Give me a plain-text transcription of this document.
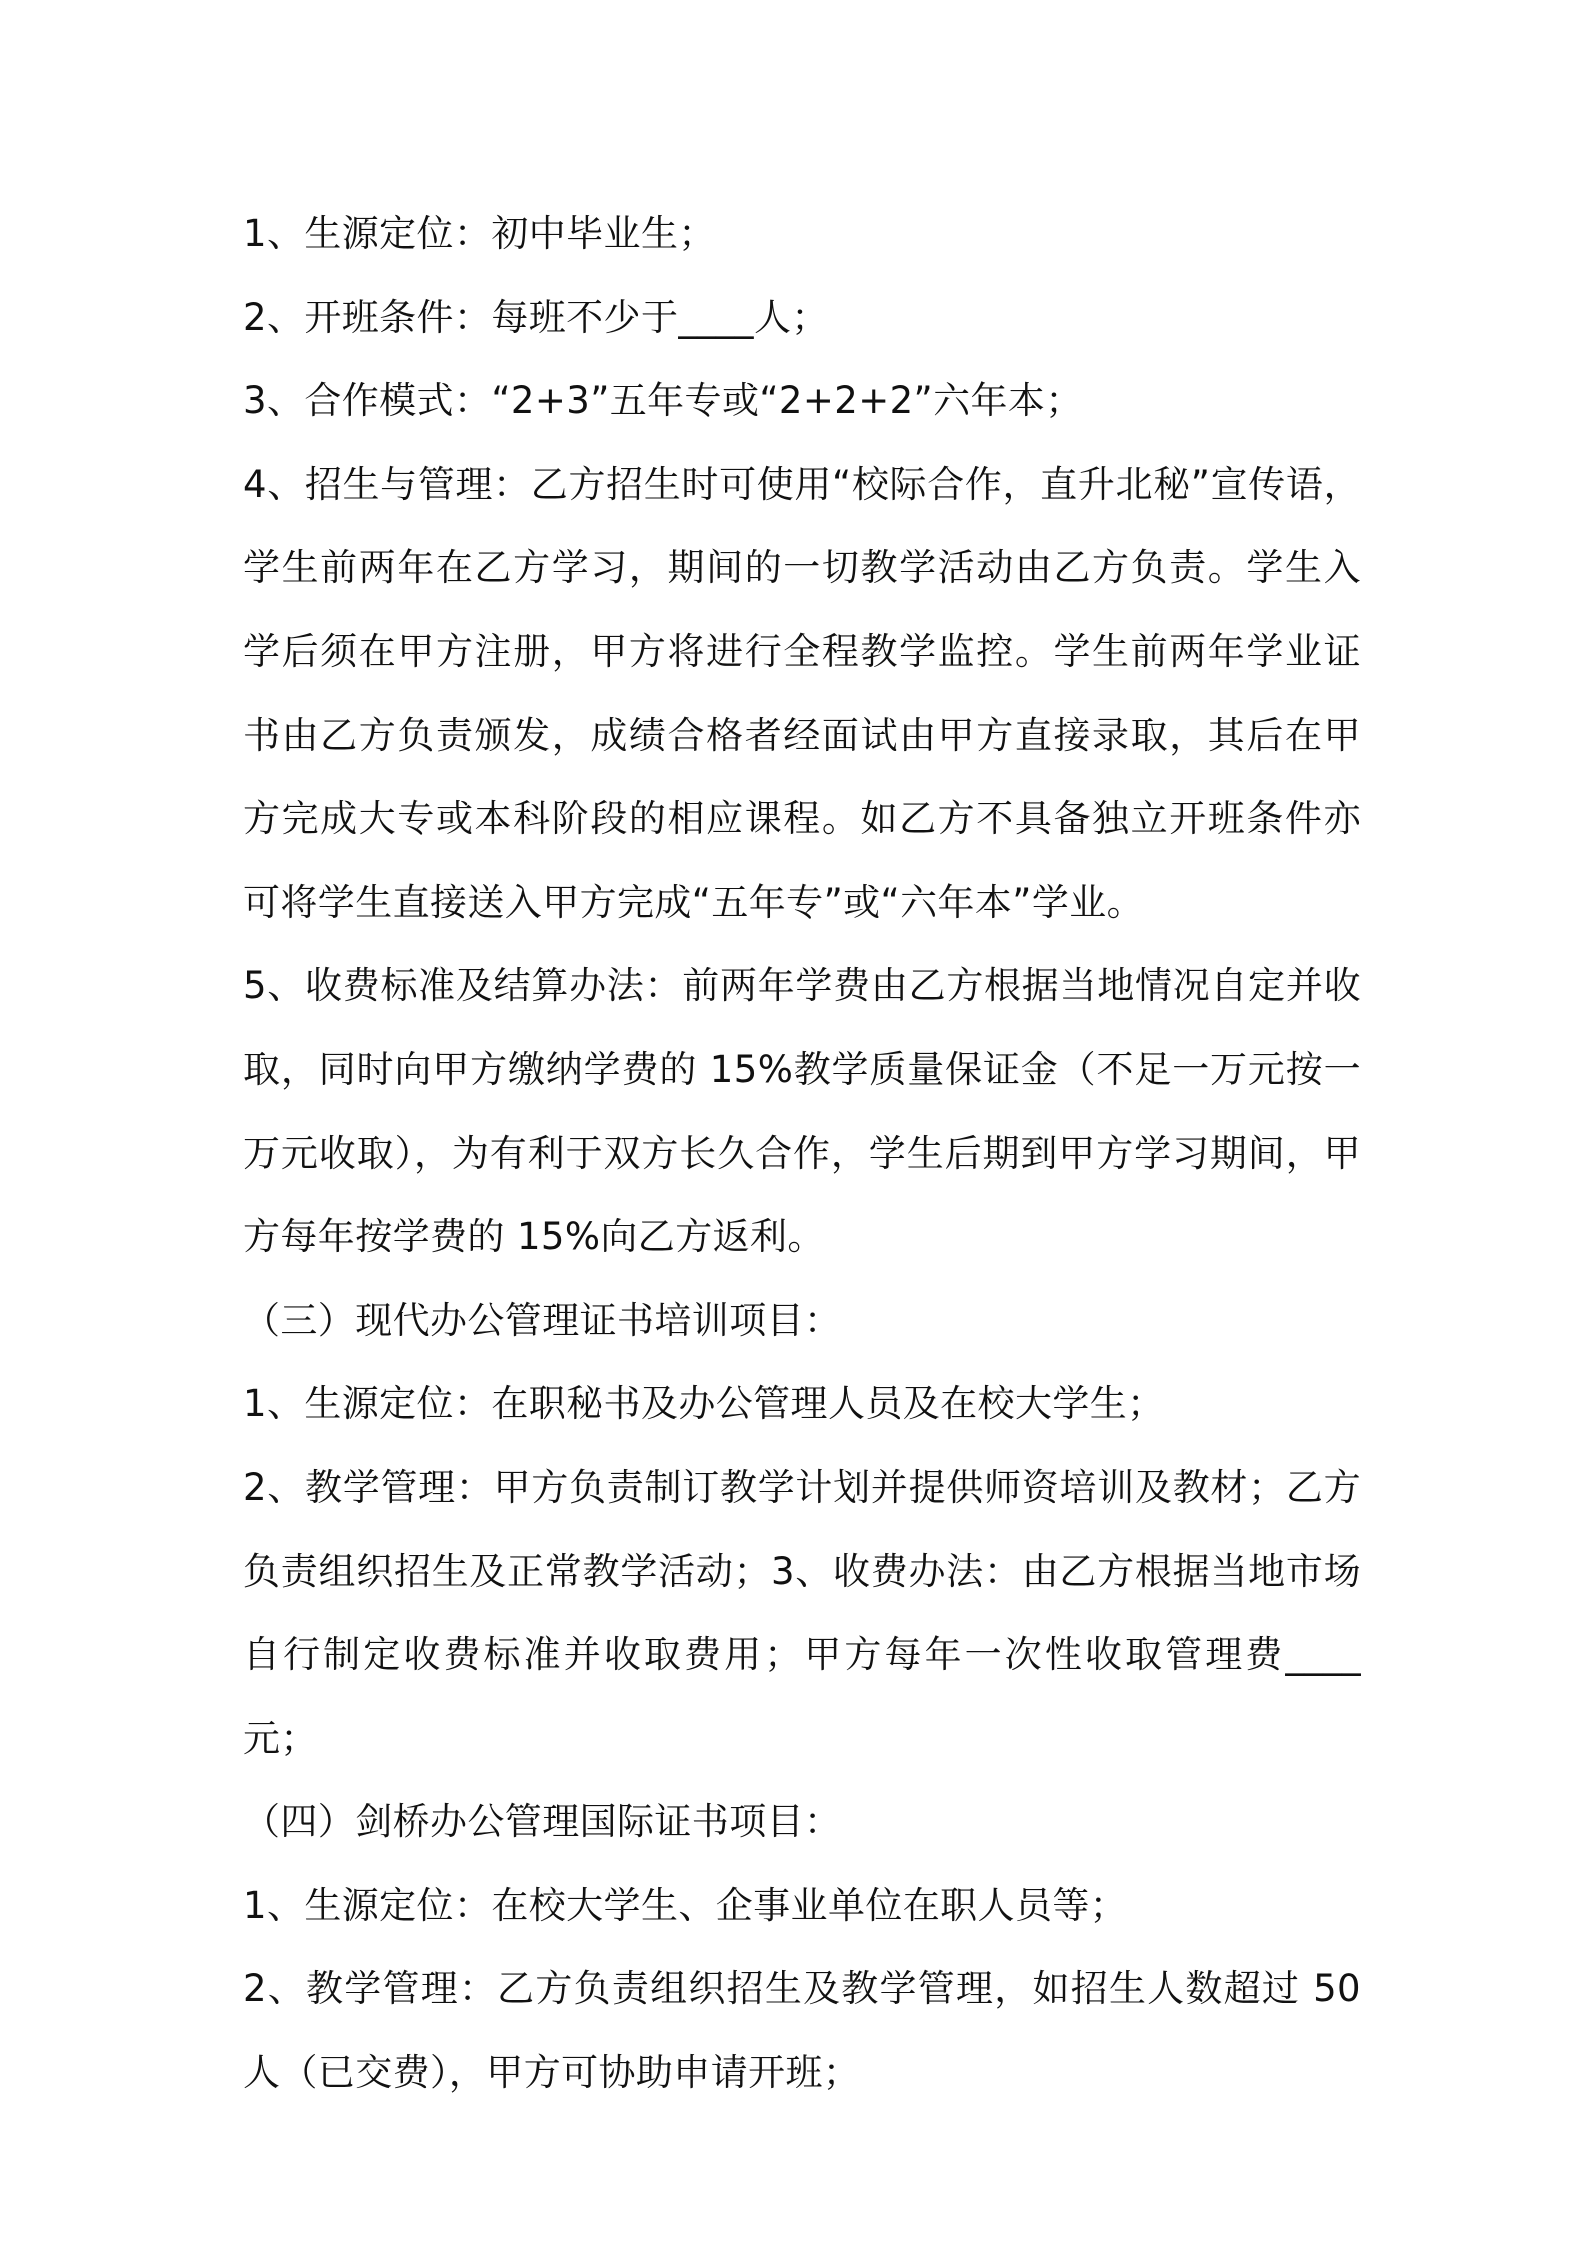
1、生源定位：初中毕业生；

2、开班条件：每班不少于____人；

3、合作模式：“2+3”五年专或“2+2+2”六年本；

4、招生与管理：乙方招生时可使用“校际合作，直升北秘”宣传语，学生前两年在乙方学习，期间的一切教学活动由乙方负责。学生入学后须在甲方注册，甲方将进行全程教学监控。学生前两年学业证书由乙方负责颁发，成绩合格者经面试由甲方直接录取，其后在甲方完成大专或本科阶段的相应课程。如乙方不具备独立开班条件亦可将学生直接送入甲方完成“五年专”或“六年本”学业。

5、收费标准及结算办法：前两年学费由乙方根据当地情况自定并收取，同时向甲方缴纳学费的 15%教学质量保证金（不足一万元按一万元收取），为有利于双方长久合作，学生后期到甲方学习期间，甲方每年按学费的 15%向乙方返利。

（三）现代办公管理证书培训项目：

1、生源定位：在职秘书及办公管理人员及在校大学生；

2、教学管理：甲方负责制订教学计划并提供师资培训及教材；乙方负责组织招生及正常教学活动；3、收费办法：由乙方根据当地市场自行制定收费标准并收取费用；甲方每年一次性收取管理费____元；

（四）剑桥办公管理国际证书项目：

1、生源定位：在校大学生、企事业单位在职人员等；

2、教学管理：乙方负责组织招生及教学管理，如招生人数超过 50 人（已交费），甲方可协助申请开班；
